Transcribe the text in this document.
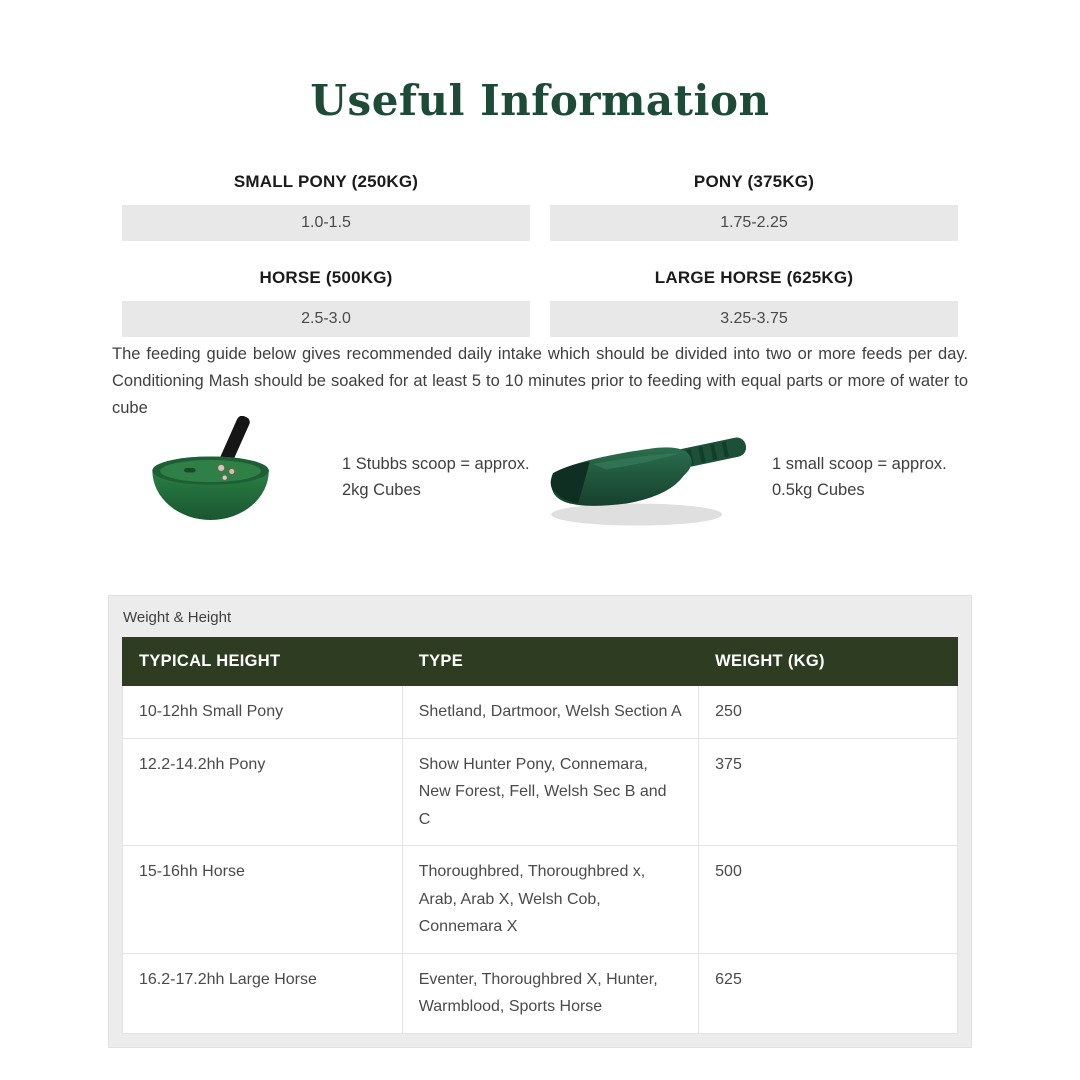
Useful Information
SMALL PONY (250KG)
1.0-1.5
PONY (375KG)
1.75-2.25
HORSE (500KG)
2.5-3.0
LARGE HORSE (625KG)
3.25-3.75

The feeding guide below gives recommended daily intake which should be divided into two or more feeds per day. Conditioning Mash should be soaked for at least 5 to 10 minutes prior to feeding with equal parts or more of water to cube

1 Stubbs scoop = approx. 2kg Cubes
1 small scoop = approx. 0.5kg Cubes
Weight & Height
TYPICAL HEIGHT	TYPE	WEIGHT (KG)
10-12hh Small Pony	Shetland, Dartmoor, Welsh Section A	250
12.2-14.2hh Pony	Show Hunter Pony, Connemara, New Forest, Fell, Welsh Sec B and C	375
15-16hh Horse	Thoroughbred, Thoroughbred x, Arab, Arab X, Welsh Cob, Connemara X	500
16.2-17.2hh Large Horse	Eventer, Thoroughbred X, Hunter, Warmblood, Sports Horse	625
